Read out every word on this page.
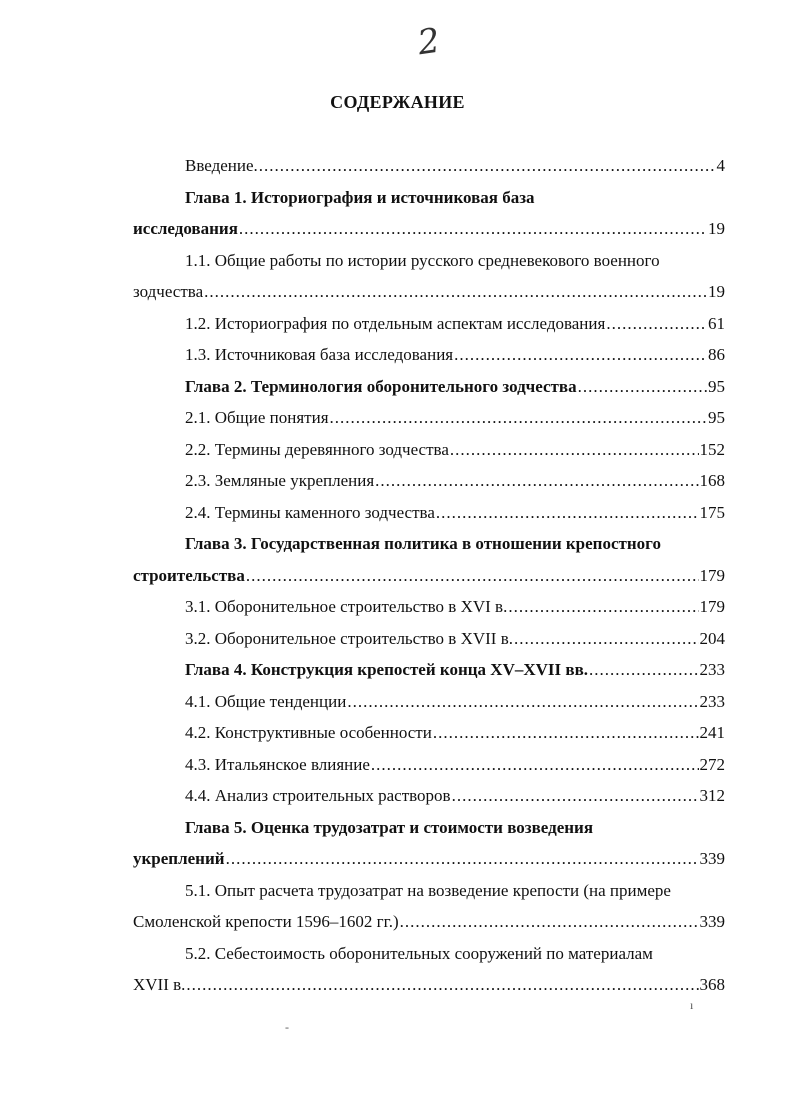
2
СОДЕРЖАНИЕ
Введение. .....	4
Глава 1. Историография и источниковая база
исследования .....	19
1.1. Общие работы по истории русского средневекового военного
зодчества .....	19
1.2. Историография по отдельным аспектам исследования .....	61
1.3. Источниковая база исследования .....	86
Глава 2. Терминология оборонительного зодчества .....	95
2.1. Общие понятия .....	95
2.2. Термины деревянного зодчества .....	152
2.3. Земляные укрепления .....	168
2.4. Термины каменного зодчества .....	175
Глава 3. Государственная политика в отношении крепостного
строительства .....	179
3.1. Оборонительное строительство в XVI в. .....	179
3.2. Оборонительное строительство в XVII в. .....	204
Глава 4. Конструкция крепостей конца XV–XVII вв. .....	233
4.1. Общие тенденции .....	233
4.2. Конструктивные особенности .....	241
4.3. Итальянское влияние .....	272
4.4. Анализ строительных растворов .....	312
Глава 5. Оценка трудозатрат и стоимости возведения
укреплений .....	339
5.1. Опыт расчета трудозатрат на возведение крепости (на примере
Смоленской крепости 1596–1602 гг.) .....	339
5.2. Себестоимость оборонительных сооружений по материалам
XVII в. .....	368
ı
-
